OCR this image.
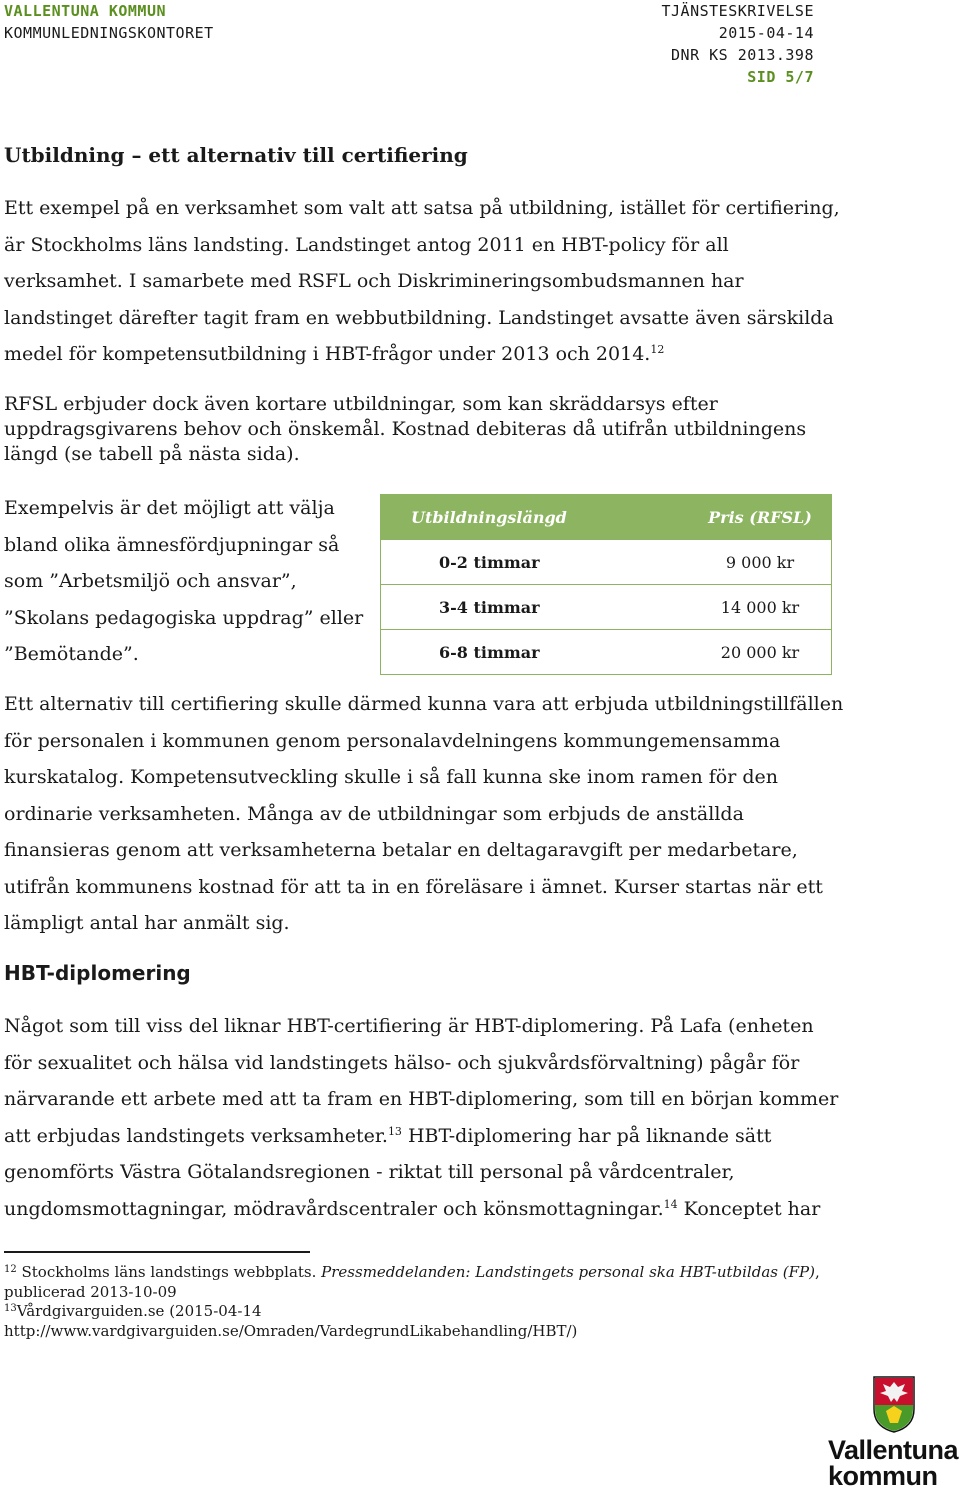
VALLENTUNA KOMMUN
KOMMUNLEDNINGSKONTORET
TJÄNSTESKRIVELSE
2015-04-14
DNR KS 2013.398
SID 5/7
Utbildning – ett alternativ till certifiering

Ett exempel på en verksamhet som valt att satsa på utbildning, istället för certifiering, är Stockholms läns landsting. Landstinget antog 2011 en HBT-policy för all verksamhet. I samarbete med RSFL och Diskrimineringsombudsmannen har landstinget därefter tagit fram en webbutbildning. Landstinget avsatte även särskilda medel för kompetensutbildning i HBT-frågor under 2013 och 2014.12

RFSL erbjuder dock även kortare utbildningar, som kan skräddarsys efter uppdragsgivarens behov och önskemål. Kostnad debiteras då utifrån utbildningens längd (se tabell på nästa sida).

Exempelvis är det möjligt att välja bland olika ämnesfördjupningar så som ”Arbetsmiljö och ansvar”, ”Skolans pedagogiska uppdrag” eller ”Bemötande”.

Utbildningslängd	Pris (RFSL)
0-2 timmar	9 000 kr
3-4 timmar	14 000 kr
6-8 timmar	20 000 kr

Ett alternativ till certifiering skulle därmed kunna vara att erbjuda utbildningstillfällen för personalen i kommunen genom personalavdelningens kommungemensamma kurskatalog. Kompetensutveckling skulle i så fall kunna ske inom ramen för den ordinarie verksamheten. Många av de utbildningar som erbjuds de anställda finansieras genom att verksamheterna betalar en deltagaravgift per medarbetare, utifrån kommunens kostnad för att ta in en föreläsare i ämnet. Kurser startas när ett lämpligt antal har anmält sig.

HBT-diplomering

Något som till viss del liknar HBT-certifiering är HBT-diplomering. På Lafa (enheten för sexualitet och hälsa vid landstingets hälso- och sjukvårdsförvaltning) pågår för närvarande ett arbete med att ta fram en HBT-diplomering, som till en början kommer att erbjudas landstingets verksamheter.$^{13}$ HBT-diplomering har på liknande sätt genomförts Västra Götalandsregionen - riktat till personal på vårdcentraler, ungdomsmottagningar, mödravårdscentraler och könsmottagningar.$^{14}$ Konceptet har

$^{12}$ Stockholms läns landstings webbplats. Pressmeddelanden: Landstingets personal ska HBT-utbildas (FP), publicerad 2013-10-09
$^{13}$Vårdgivarguiden.se (2015-04-14
http://www.vardgivarguiden.se/Omraden/VardegrundLikabehandling/HBT/)
Vallentuna
kommun
